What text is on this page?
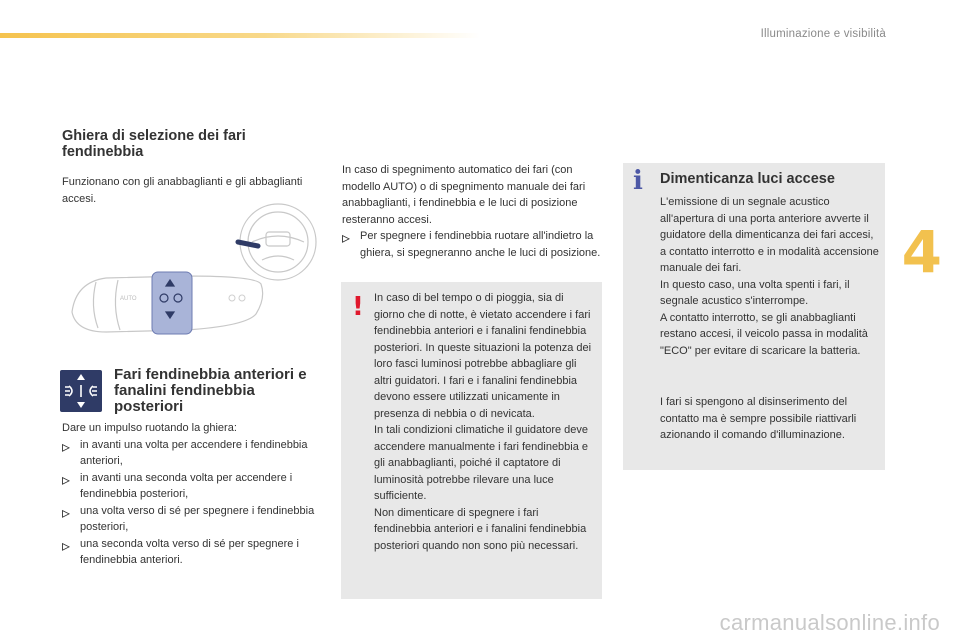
Illuminazione e visibilità
4
Ghiera di selezione dei fari fendinebbia

Funzionano con gli anabbaglianti e gli abbaglianti accesi.

AUTO
Fari fendinebbia anteriori e fanalini fendinebbia posteriori

Dare un impulso ruotando la ghiera:

▹ in avanti una volta per accendere i fendinebbia anteriori,
▹ in avanti una seconda volta per accendere i fendinebbia posteriori,
▹ una volta verso di sé per spegnere i fendinebbia posteriori,
▹ una seconda volta verso di sé per spegnere i fendinebbia anteriori.

In caso di spegnimento automatico dei fari (con modello AUTO) o di spegnimento manuale dei fari anabbaglianti, i fendinebbia e le luci di posizione resteranno accesi.

▹ Per spegnere i fendinebbia ruotare all'indietro la ghiera, si spegneranno anche le luci di posizione.
! In caso di bel tempo o di pioggia, sia di giorno che di notte, è vietato accendere i fari fendinebbia anteriori e i fanalini fendinebbia posteriori. In queste situazioni la potenza dei loro fasci luminosi potrebbe abbagliare gli altri guidatori. I fari e i fanalini fendinebbia devono essere utilizzati unicamente in presenza di nebbia o di nevicata.

In tali condizioni climatiche il guidatore deve accendere manualmente i fari fendinebbia e gli anabbaglianti, poiché il captatore di luminosità potrebbe rilevare una luce sufficiente.

Non dimenticare di spegnere i fari fendinebbia anteriori e i fanalini fendinebbia posteriori quando non sono più necessari.

i	Dimenticanza luci accese

L'emissione di un segnale acustico all'apertura di una porta anteriore avverte il guidatore della dimenticanza dei fari accesi, a contatto interrotto e in modalità accensione manuale dei fari.

In questo caso, una volta spenti i fari, il segnale acustico s'interrompe.

A contatto interrotto, se gli anabbaglianti restano accesi, il veicolo passa in modalità "ECO" per evitare di scaricare la batteria.

I fari si spengono al disinserimento del contatto ma è sempre possibile riattivarli azionando il comando d'illuminazione.

carmanualsonline.info
